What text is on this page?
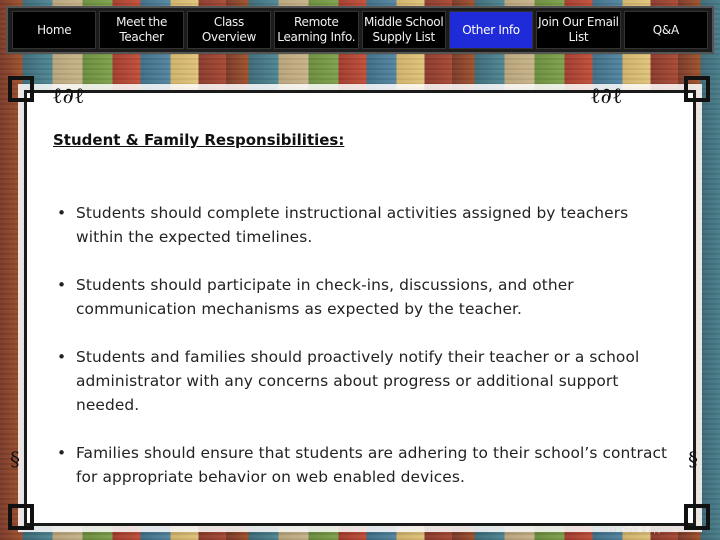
Home
Meet the
Teacher
Class
Overview
Remote
Learning Info.
Middle School
Supply List
Other Info
Join Our Email
List
Q&A
ℓ∂ℓ	ℓ∂ℓ
§	§
Student & Family Responsibilities:
• Students should complete instructional activities assigned by teachers within the expected timelines.
• Students should participate in check-ins, discussions, and other communication mechanisms as expected by the teacher.
• Students and families should proactively notify their teacher or a school administrator with any concerns about progress or additional support needed.
• Families should ensure that students are adhering to their school’s contract for appropriate behavior on web enabled devices.
© 2014 Chalk & Apples
